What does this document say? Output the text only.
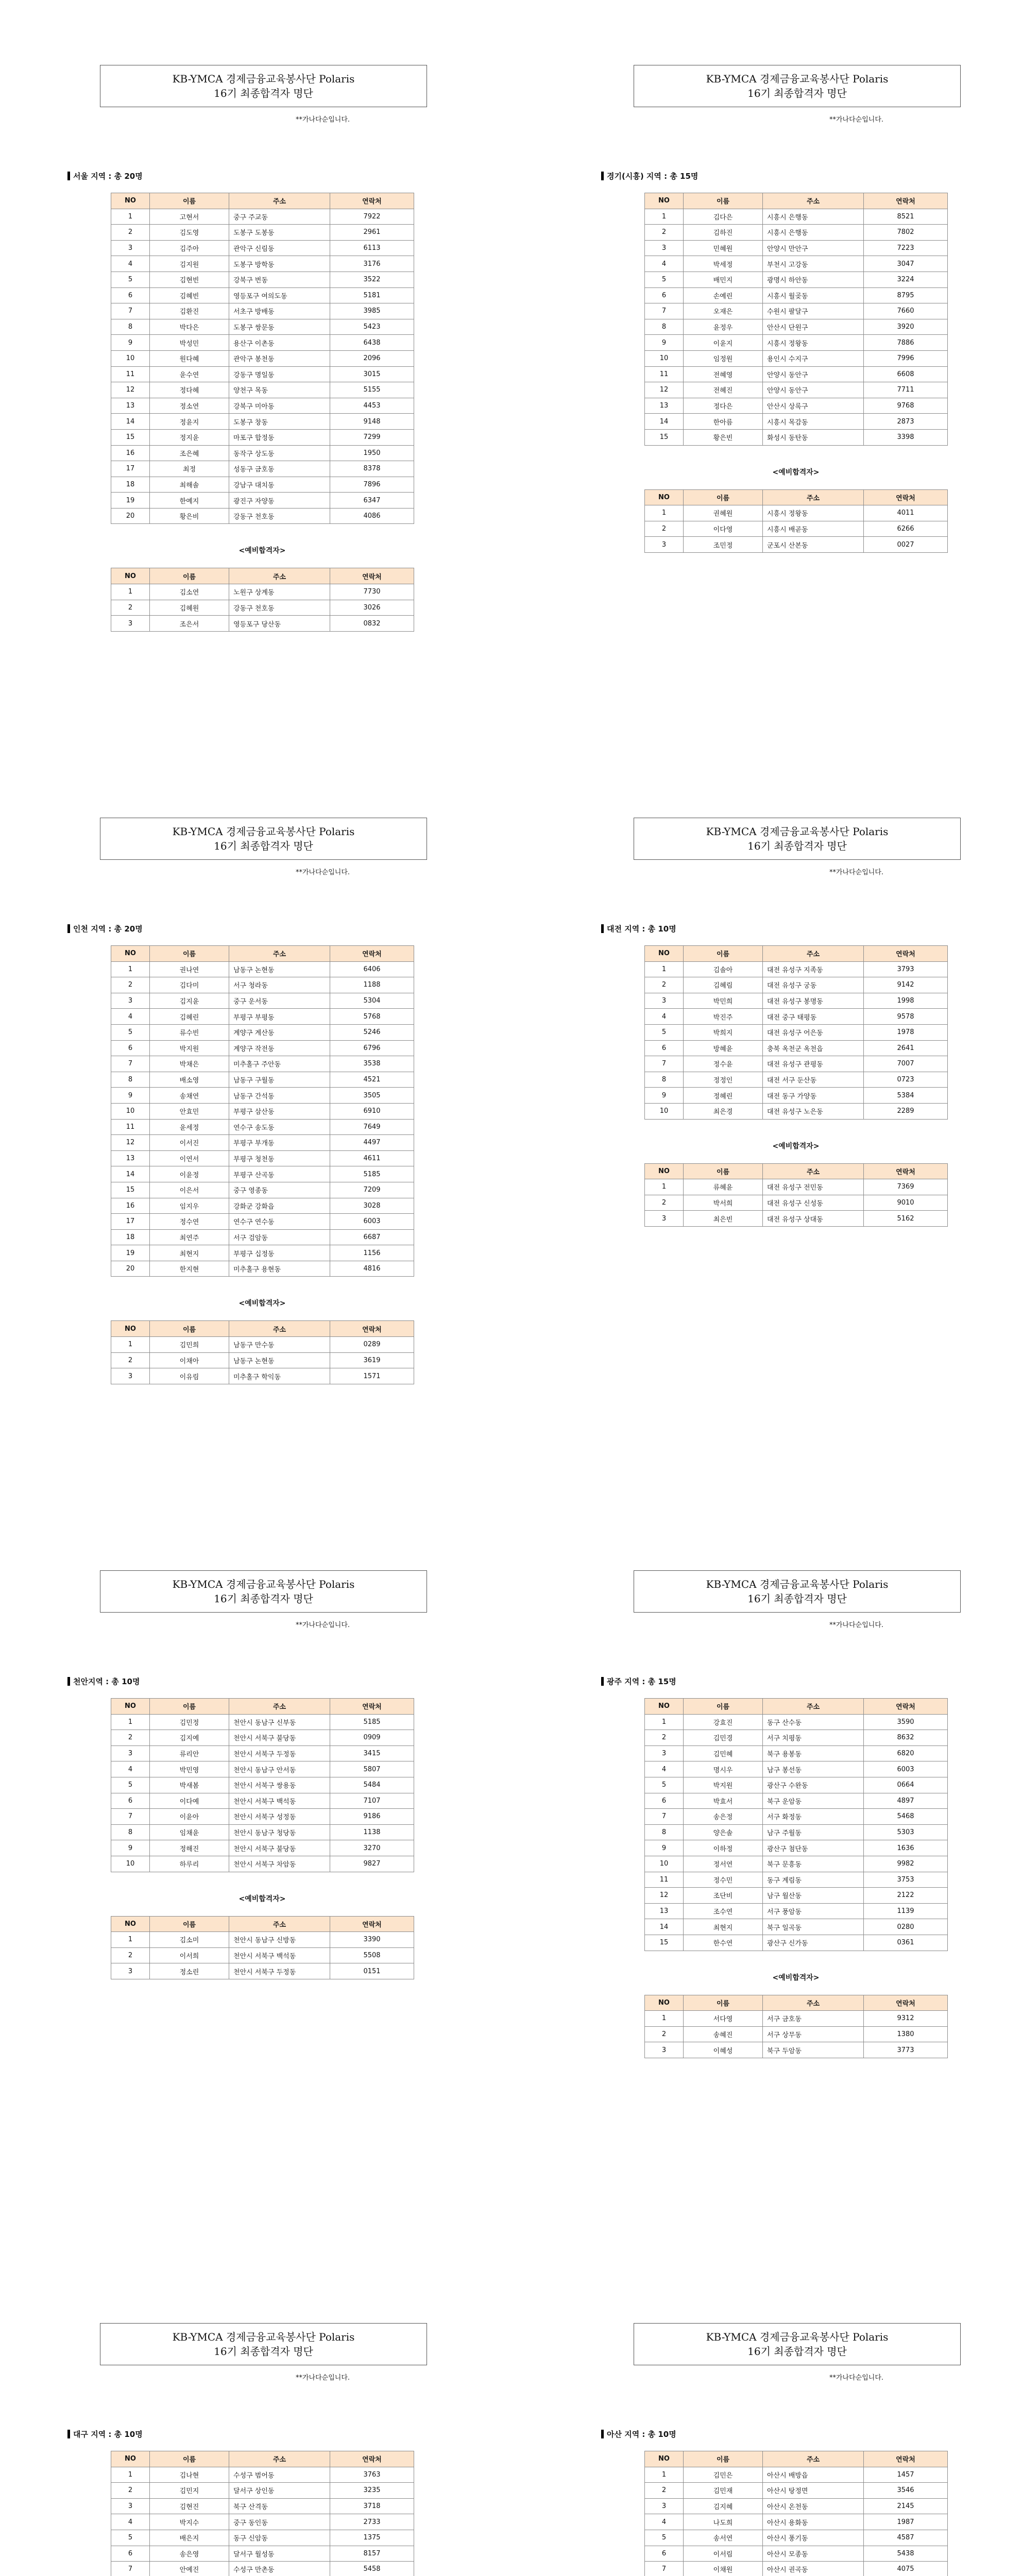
KB-YMCA 경제금융교육봉사단 Polaris
16기 최종합격자 명단
**가나다순입니다.
서울 지역 : 총 20명
NO	이름	주소	연락처
1	고현서	중구 주교동	7922
2	김도영	도봉구 도봉동	2961
3	김주아	관악구 신림동	6113
4	김지원	도봉구 방학동	3176
5	김현빈	강북구 번동	3522
6	김혜빈	영등포구 여의도동	5181
7	김환진	서초구 방배동	3985
8	박다은	도봉구 쌍문동	5423
9	박성민	용산구 이촌동	6438
10	원다혜	관악구 봉천동	2096
11	윤수연	강동구 명일동	3015
12	정다혜	양천구 목동	5155
13	정소연	강북구 미아동	4453
14	정윤지	도봉구 창동	9148
15	정지윤	마포구 합정동	7299
16	조은혜	동작구 상도동	1950
17	최정	성동구 금호동	8378
18	최해솔	강남구 대치동	7896
19	한예지	광진구 자양동	6347
20	황은비	강동구 천호동	4086
<예비합격자>
NO	이름	주소	연락처
1	김소연	노원구 상계동	7730
2	김혜원	강동구 천호동	3026
3	조은서	영등포구 당산동	0832
KB-YMCA 경제금융교육봉사단 Polaris
16기 최종합격자 명단
**가나다순입니다.
경기(시흥) 지역 : 총 15명
NO	이름	주소	연락처
1	김다은	시흥시 은행동	8521
2	김하진	시흥시 은행동	7802
3	민혜원	안양시 만안구	7223
4	박세정	부천시 고강동	3047
5	배민지	광명시 하안동	3224
6	손예린	시흥시 월곶동	8795
7	오재은	수원시 팔달구	7660
8	윤정우	안산시 단원구	3920
9	이윤지	시흥시 정왕동	7886
10	임정원	용인시 수지구	7996
11	전혜영	안양시 동안구	6608
12	전혜진	안양시 동안구	7711
13	정다은	안산시 상록구	9768
14	한아름	시흥시 목감동	2873
15	황은빈	화성시 동탄동	3398
<예비합격자>
NO	이름	주소	연락처
1	권혜원	시흥시 정왕동	4011
2	이다영	시흥시 배곧동	6266
3	조민정	군포시 산본동	0027
KB-YMCA 경제금융교육봉사단 Polaris
16기 최종합격자 명단
**가나다순입니다.
인천 지역 : 총 20명
NO	이름	주소	연락처
1	권나연	남동구 논현동	6406
2	김다미	서구 청라동	1188
3	김지윤	중구 운서동	5304
4	김혜린	부평구 부평동	5768
5	류수빈	계양구 계산동	5246
6	박지원	계양구 작전동	6796
7	박채은	미추홀구 주안동	3538
8	배소영	남동구 구월동	4521
9	송채연	남동구 간석동	3505
10	안효민	부평구 삼산동	6910
11	윤세정	연수구 송도동	7649
12	이서진	부평구 부개동	4497
13	이연서	부평구 청천동	4611
14	이윤정	부평구 산곡동	5185
15	이은서	중구 영종동	7209
16	임지우	강화군 강화읍	3028
17	정수연	연수구 연수동	6003
18	최연주	서구 검암동	6687
19	최현지	부평구 십정동	1156
20	한지현	미추홀구 용현동	4816
<예비합격자>
NO	이름	주소	연락처
1	김민희	남동구 만수동	0289
2	이채아	남동구 논현동	3619
3	이유림	미추홀구 학익동	1571
KB-YMCA 경제금융교육봉사단 Polaris
16기 최종합격자 명단
**가나다순입니다.
대전 지역 : 총 10명
NO	이름	주소	연락처
1	김솔아	대전 유성구 지족동	3793
2	김혜림	대전 유성구 궁동	9142
3	박민희	대전 유성구 봉명동	1998
4	박진주	대전 중구 태평동	9578
5	박희지	대전 유성구 어은동	1978
6	방혜윤	충북 옥천군 옥천읍	2641
7	정수윤	대전 유성구 관평동	7007
8	정정인	대전 서구 둔산동	0723
9	정혜린	대전 동구 가양동	5384
10	최은경	대전 유성구 노은동	2289
<예비합격자>
NO	이름	주소	연락처
1	류혜윤	대전 유성구 전민동	7369
2	박서희	대전 유성구 신성동	9010
3	최은빈	대전 유성구 상대동	5162
KB-YMCA 경제금융교육봉사단 Polaris
16기 최종합격자 명단
**가나다순입니다.
천안지역 : 총 10명
NO	이름	주소	연락처
1	김민정	천안시 동남구 신부동	5185
2	김지예	천안시 서북구 불당동	0909
3	류리안	천안시 서북구 두정동	3415
4	박민영	천안시 동남구 안서동	5807
5	박새봄	천안시 서북구 쌍용동	5484
6	이다예	천안시 서북구 백석동	7107
7	이윤아	천안시 서북구 성정동	9186
8	임채윤	천안시 동남구 청당동	1138
9	정해진	천안시 서북구 불당동	3270
10	하루리	천안시 서북구 차암동	9827
<예비합격자>
NO	이름	주소	연락처
1	김소미	천안시 동남구 신방동	3390
2	이서희	천안시 서북구 백석동	5508
3	정소린	천안시 서북구 두정동	0151
KB-YMCA 경제금융교육봉사단 Polaris
16기 최종합격자 명단
**가나다순입니다.
광주 지역 : 총 15명
NO	이름	주소	연락처
1	강효진	동구 산수동	3590
2	김민경	서구 치평동	8632
3	김민혜	북구 용봉동	6820
4	명시우	남구 봉선동	6003
5	박지원	광산구 수완동	0664
6	박효서	북구 운암동	4897
7	송은정	서구 화정동	5468
8	양은솔	남구 주월동	5303
9	이하정	광산구 첨단동	1636
10	정서연	북구 문흥동	9982
11	정수민	동구 계림동	3753
12	조단비	남구 월산동	2122
13	조수연	서구 풍암동	1139
14	최현지	북구 일곡동	0280
15	한수연	광산구 신가동	0361
<예비합격자>
NO	이름	주소	연락처
1	서다영	서구 금호동	9312
2	송혜진	서구 상무동	1380
3	이혜성	북구 두암동	3773
KB-YMCA 경제금융교육봉사단 Polaris
16기 최종합격자 명단
**가나다순입니다.
대구 지역 : 총 10명
NO	이름	주소	연락처
1	김나현	수성구 범어동	3763
2	김민지	달서구 상인동	3235
3	김현진	북구 산격동	3718
4	박지수	중구 동인동	2733
5	배은지	동구 신암동	1375
6	송은영	달서구 월성동	8157
7	안예진	수성구 만촌동	5458

KB-YMCA 경제금융교육봉사단 Polaris
16기 최종합격자 명단
**가나다순입니다.
아산 지역 : 총 10명
NO	이름	주소	연락처
1	김민은	아산시 배방읍	1457
2	김민재	아산시 탕정면	3546
3	김지혜	아산시 온천동	2145
4	나도희	아산시 용화동	1987
5	송서연	아산시 풍기동	4587
6	이서림	아산시 모종동	5438
7	이채원	아산시 권곡동	4075
